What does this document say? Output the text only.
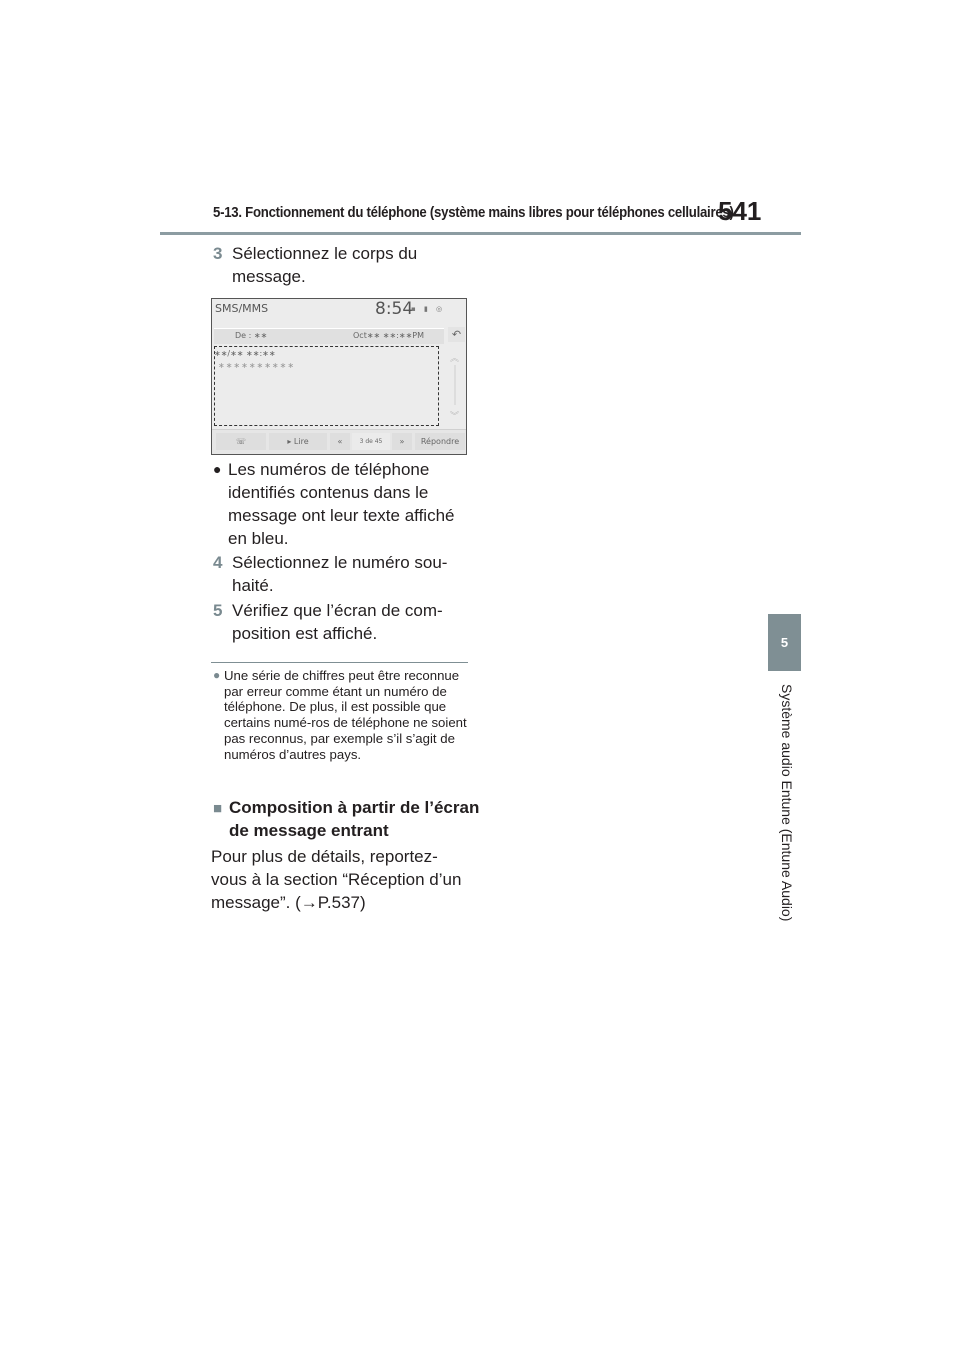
5-13. Fonctionnement du téléphone (système mains libres pour téléphones cellulaires)
541
5
Système audio Entune (Entune Audio)
3 Sélectionnez le corps du message.
SMS/MMS	8:54
▪ ▮ ◎
De : ∗∗	Oct∗∗ ∗∗:∗∗PM	↶
∗∗/∗∗ ∗∗:∗∗
∗∗∗∗∗∗∗∗∗∗
︽
︾
☏	▸ Lire	«	3 de 45	»	Répondre
● Les numéros de téléphone identifiés contenus dans le message ont leur texte affiché en bleu.
4 Sélectionnez le numéro sou-haité.
5 Vérifiez que l’écran de com-position est affiché.
● Une série de chiffres peut être reconnue par erreur comme étant un numéro de téléphone. De plus, il est possible que certains numé-ros de téléphone ne soient pas reconnus, par exemple s’il s’agit de numéros d’autres pays.
■ Composition à partir de l’écran de message entrant
Pour plus de détails, reportez-vous à la section “Réception d’un message”. (→P.537)
